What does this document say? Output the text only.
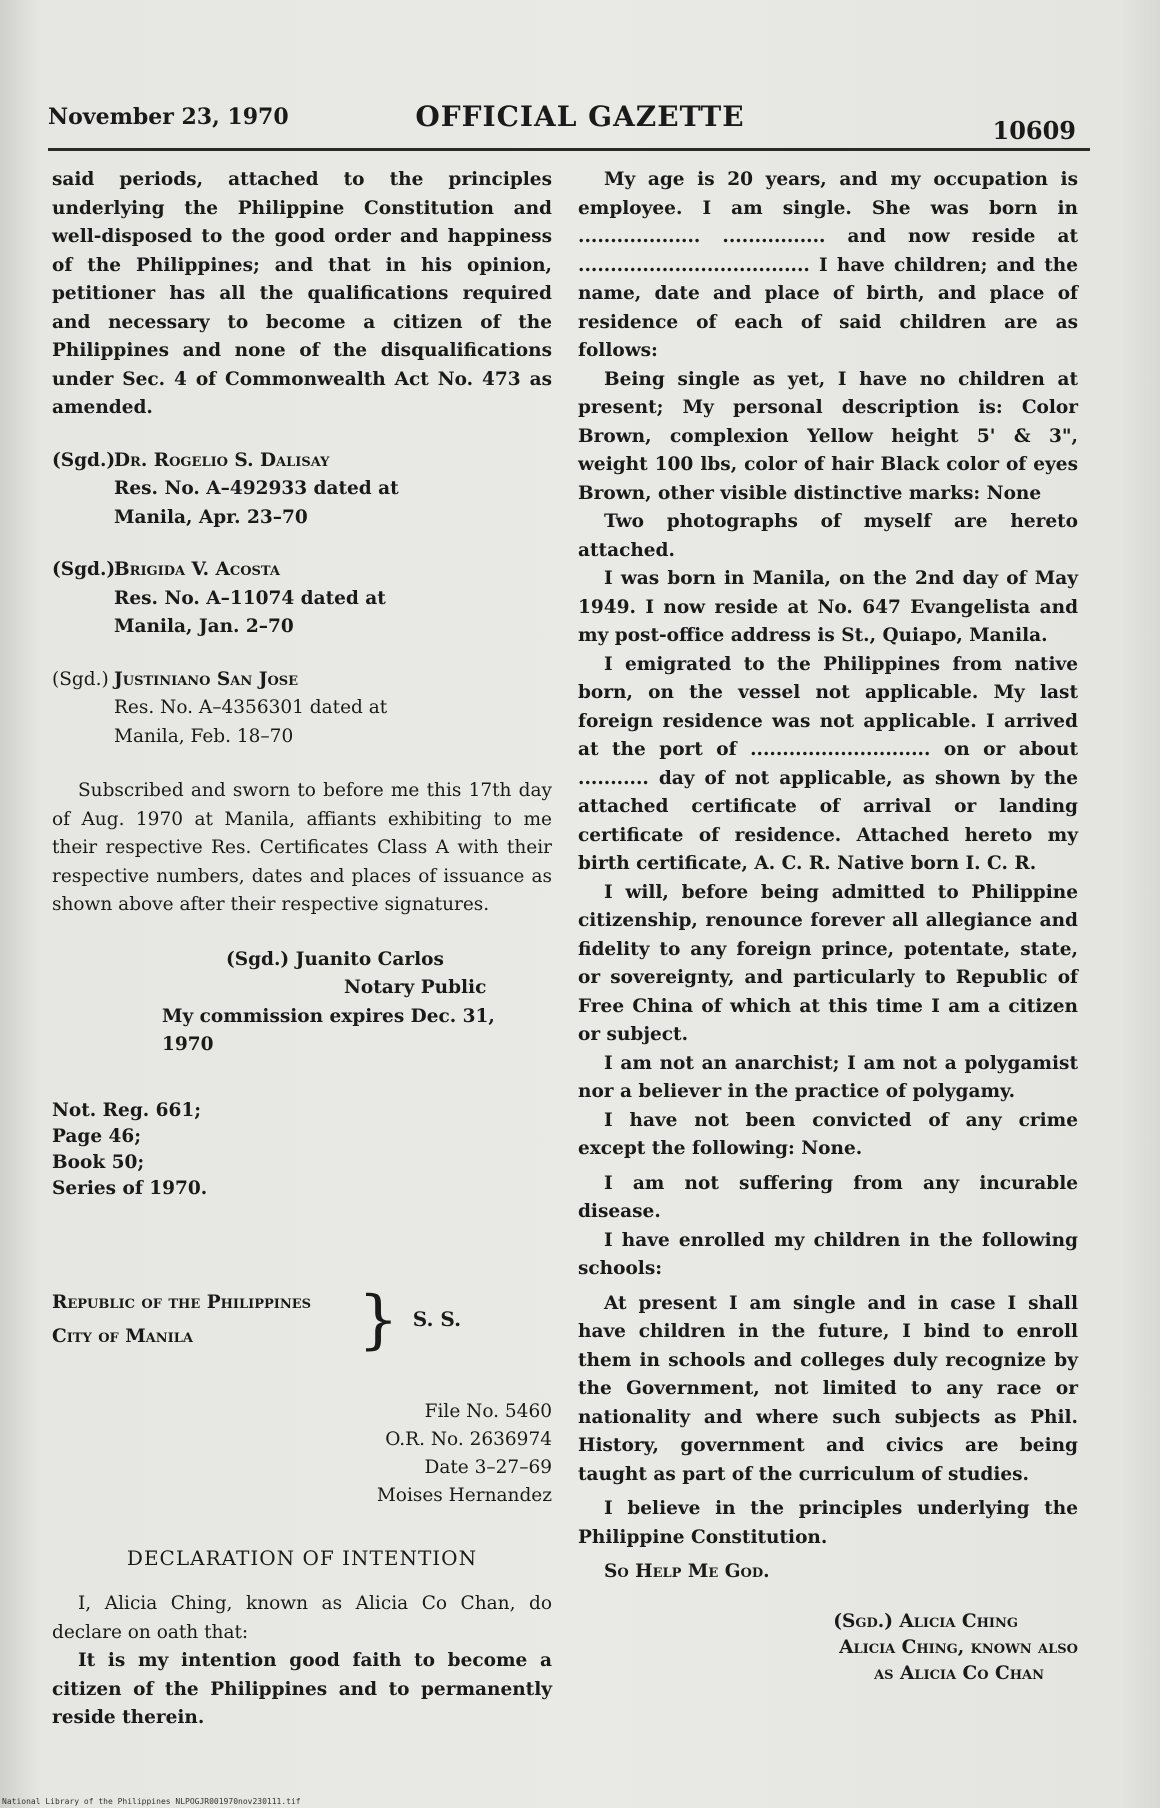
November 23, 1970	OFFICIAL GAZETTE	10609

said periods, attached to the principles underlying the Philippine Constitution and well-disposed to the good order and happiness of the Philippines; and that in his opinion, petitioner has all the qualifications required and necessary to become a citizen of the Philippines and none of the disqualifications under Sec. 4 of Commonwealth Act No. 473 as amended.

(Sgd.)
Dr. Rogelio S. Dalisay
Res. No. A–492933 dated at
Manila, Apr. 23–70
(Sgd.)
Brigida V. Acosta
Res. No. A–11074 dated at
Manila, Jan. 2–70
(Sgd.) Justiniano San Jose
Res. No. A–4356301 dated at
Manila, Feb. 18–70

Subscribed and sworn to before me this 17th day of Aug. 1970 at Manila, affiants exhibiting to me their respective Res. Certificates Class A with their respective numbers, dates and places of issuance as shown above after their respective signatures.

(Sgd.) Juanito Carlos
Notary Public
My commission expires Dec. 31, 1970
Not. Reg. 661;
Page 46;
Book 50;
Series of 1970.
Republic of the Philippines
City of Manila	} S. S.
File No. 5460
O.R. No. 2636974
Date 3–27–69
Moises Hernandez
DECLARATION OF INTENTION

I, Alicia Ching, known as Alicia Co Chan, do declare on oath that:

It is my intention good faith to become a citizen of the Philippines and to permanently reside therein.

My age is 20 years, and my occupation is employee. I am single. She was born in ................... ................ and now reside at .................................... I have children; and the name, date and place of birth, and place of residence of each of said children are as follows:

Being single as yet, I have no children at present; My personal description is: Color Brown, complexion Yellow height 5' & 3", weight 100 lbs, color of hair Black color of eyes Brown, other visible distinctive marks: None

Two photographs of myself are hereto attached.

I was born in Manila, on the 2nd day of May 1949. I now reside at No. 647 Evangelista and my post-office address is St., Quiapo, Manila.

I emigrated to the Philippines from native born, on the vessel not applicable. My last foreign residence was not applicable. I arrived at the port of ............................ on or about ........... day of not applicable, as shown by the attached certificate of arrival or landing certificate of residence. Attached hereto my birth certificate, A. C. R. Native born I. C. R.

I will, before being admitted to Philippine citizenship, renounce forever all allegiance and fidelity to any foreign prince, potentate, state, or sovereignty, and particularly to Republic of Free China of which at this time I am a citizen or subject.

I am not an anarchist; I am not a polygamist nor a believer in the practice of polygamy.

I have not been convicted of any crime except the following: None.

I am not suffering from any incurable disease.

I have enrolled my children in the following schools:

At present I am single and in case I shall have children in the future, I bind to enroll them in schools and colleges duly recognize by the Government, not limited to any race or nationality and where such subjects as Phil. History, government and civics are being taught as part of the curriculum of studies.

I believe in the principles underlying the Philippine Constitution.

So Help Me God.

(Sgd.) Alicia Ching
Alicia Ching, known also
as Alicia Co Chan
National Library of the Philippines NLPOGJR001970nov230111.tif
